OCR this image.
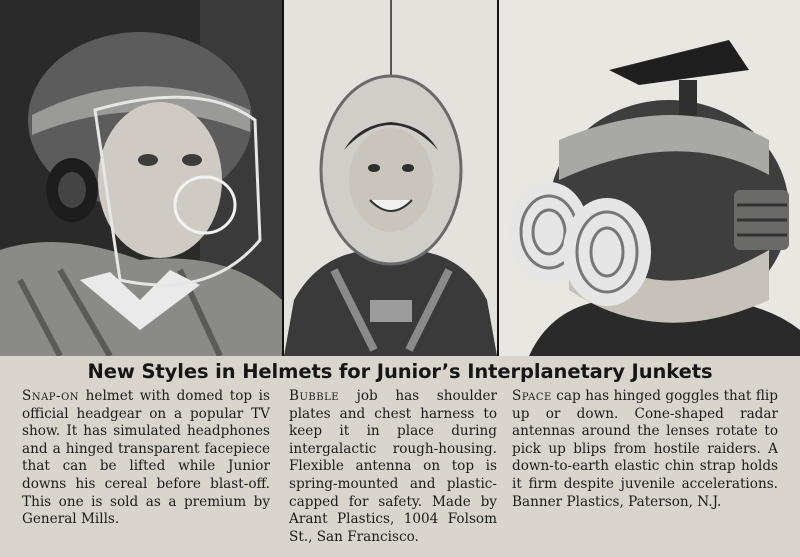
New Styles in Helmets for Junior’s Interplanetary Junkets
Snap-on helmet with domed top is official headgear on a popular TV show. It has simulated headphones and a hinged transparent facepiece that can be lifted while Junior downs his cereal before blast-off. This one is sold as a premium by General Mills.
Bubble job has shoulder plates and chest harness to keep it in place during intergalactic rough-housing. Flexible antenna on top is spring-mounted and plastic-capped for safety. Made by Arant Plastics, 1004 Folsom St., San Francisco.
Space cap has hinged goggles that flip up or down. Cone-shaped radar antennas around the lenses rotate to pick up blips from hostile raiders. A down-to-earth elastic chin strap holds it firm despite juvenile accelerations. Banner Plastics, Paterson, N.J.
